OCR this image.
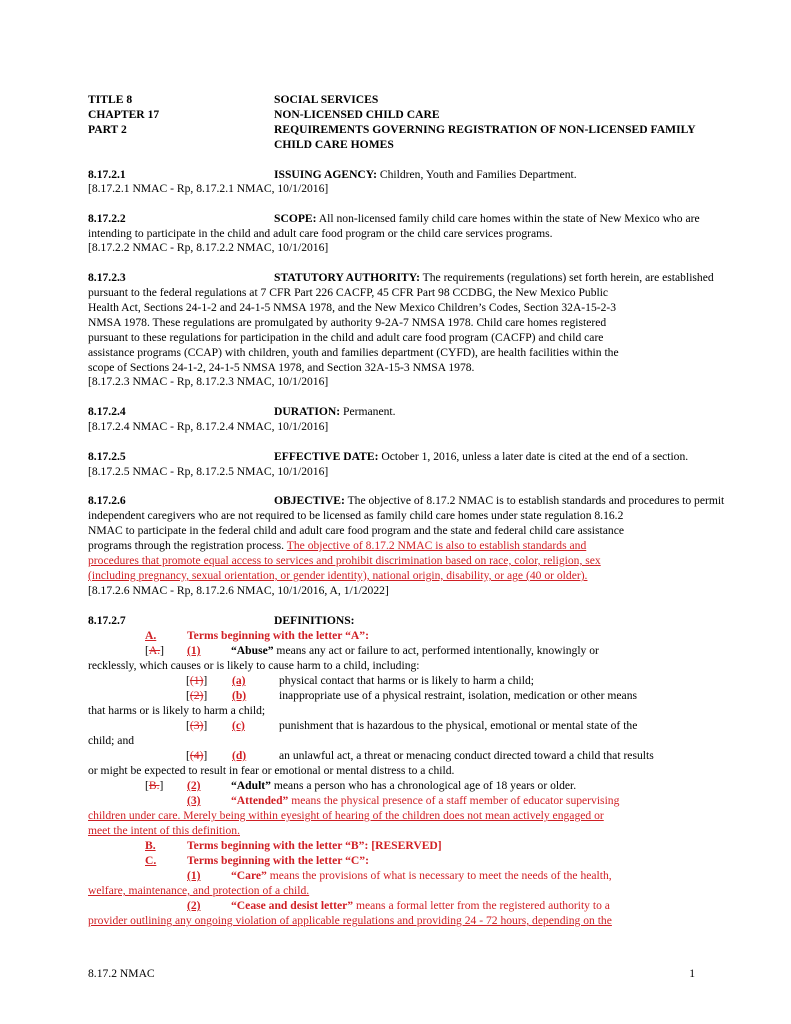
TITLE 8	SOCIAL SERVICES
CHAPTER 17	NON-LICENSED CHILD CARE
PART 2	REQUIREMENTS GOVERNING REGISTRATION OF NON-LICENSED FAMILY
CHILD CARE HOMES
8.17.2.1	ISSUING AGENCY: Children, Youth and Families Department.
[8.17.2.1 NMAC - Rp, 8.17.2.1 NMAC, 10/1/2016]
8.17.2.2	SCOPE: All non-licensed family child care homes within the state of New Mexico who are
intending to participate in the child and adult care food program or the child care services programs.
[8.17.2.2 NMAC - Rp, 8.17.2.2 NMAC, 10/1/2016]
8.17.2.3	STATUTORY AUTHORITY: The requirements (regulations) set forth herein, are established
pursuant to the federal regulations at 7 CFR Part 226 CACFP, 45 CFR Part 98 CCDBG, the New Mexico Public
Health Act, Sections 24-1-2 and 24-1-5 NMSA 1978, and the New Mexico Children’s Codes, Section 32A-15-2-3
NMSA 1978. These regulations are promulgated by authority 9-2A-7 NMSA 1978. Child care homes registered
pursuant to these regulations for participation in the child and adult care food program (CACFP) and child care
assistance programs (CCAP) with children, youth and families department (CYFD), are health facilities within the
scope of Sections 24-1-2, 24-1-5 NMSA 1978, and Section 32A-15-3 NMSA 1978.
[8.17.2.3 NMAC - Rp, 8.17.2.3 NMAC, 10/1/2016]
8.17.2.4	DURATION: Permanent.
[8.17.2.4 NMAC - Rp, 8.17.2.4 NMAC, 10/1/2016]
8.17.2.5	EFFECTIVE DATE: October 1, 2016, unless a later date is cited at the end of a section.
[8.17.2.5 NMAC - Rp, 8.17.2.5 NMAC, 10/1/2016]
8.17.2.6	OBJECTIVE: The objective of 8.17.2 NMAC is to establish standards and procedures to permit
independent caregivers who are not required to be licensed as family child care homes under state regulation 8.16.2
NMAC to participate in the federal child and adult care food program and the state and federal child care assistance
programs through the registration process. The objective of 8.17.2 NMAC is also to establish standards and
procedures that promote equal access to services and prohibit discrimination based on race, color, religion, sex
(including pregnancy, sexual orientation, or gender identity), national origin, disability, or age (40 or older).
[8.17.2.6 NMAC - Rp, 8.17.2.6 NMAC, 10/1/2016, A, 1/1/2022]
8.17.2.7	DEFINITIONS:
A.	Terms beginning with the letter “A”:
[A.] (1)	“Abuse” means any act or failure to act, performed intentionally, knowingly or
recklessly, which causes or is likely to cause harm to a child, including:
[(1)] (a)	physical contact that harms or is likely to harm a child;
[(2)] (b)	inappropriate use of a physical restraint, isolation, medication or other means
that harms or is likely to harm a child;
[(3)] (c)	punishment that is hazardous to the physical, emotional or mental state of the
child; and
[(4)] (d)	an unlawful act, a threat or menacing conduct directed toward a child that results
or might be expected to result in fear or emotional or mental distress to a child.
[B.] (2)	“Adult” means a person who has a chronological age of 18 years or older.
(3)	“Attended” means the physical presence of a staff member of educator supervising
children under care. Merely being within eyesight of hearing of the children does not mean actively engaged or
meet the intent of this definition.
B.	Terms beginning with the letter “B”: [RESERVED]
C.	Terms beginning with the letter “C”:
(1)	“Care” means the provisions of what is necessary to meet the needs of the health,
welfare, maintenance, and protection of a child.
(2)	“Cease and desist letter” means a formal letter from the registered authority to a
provider outlining any ongoing violation of applicable regulations and providing 24 - 72 hours, depending on the
8.17.2 NMAC	1
